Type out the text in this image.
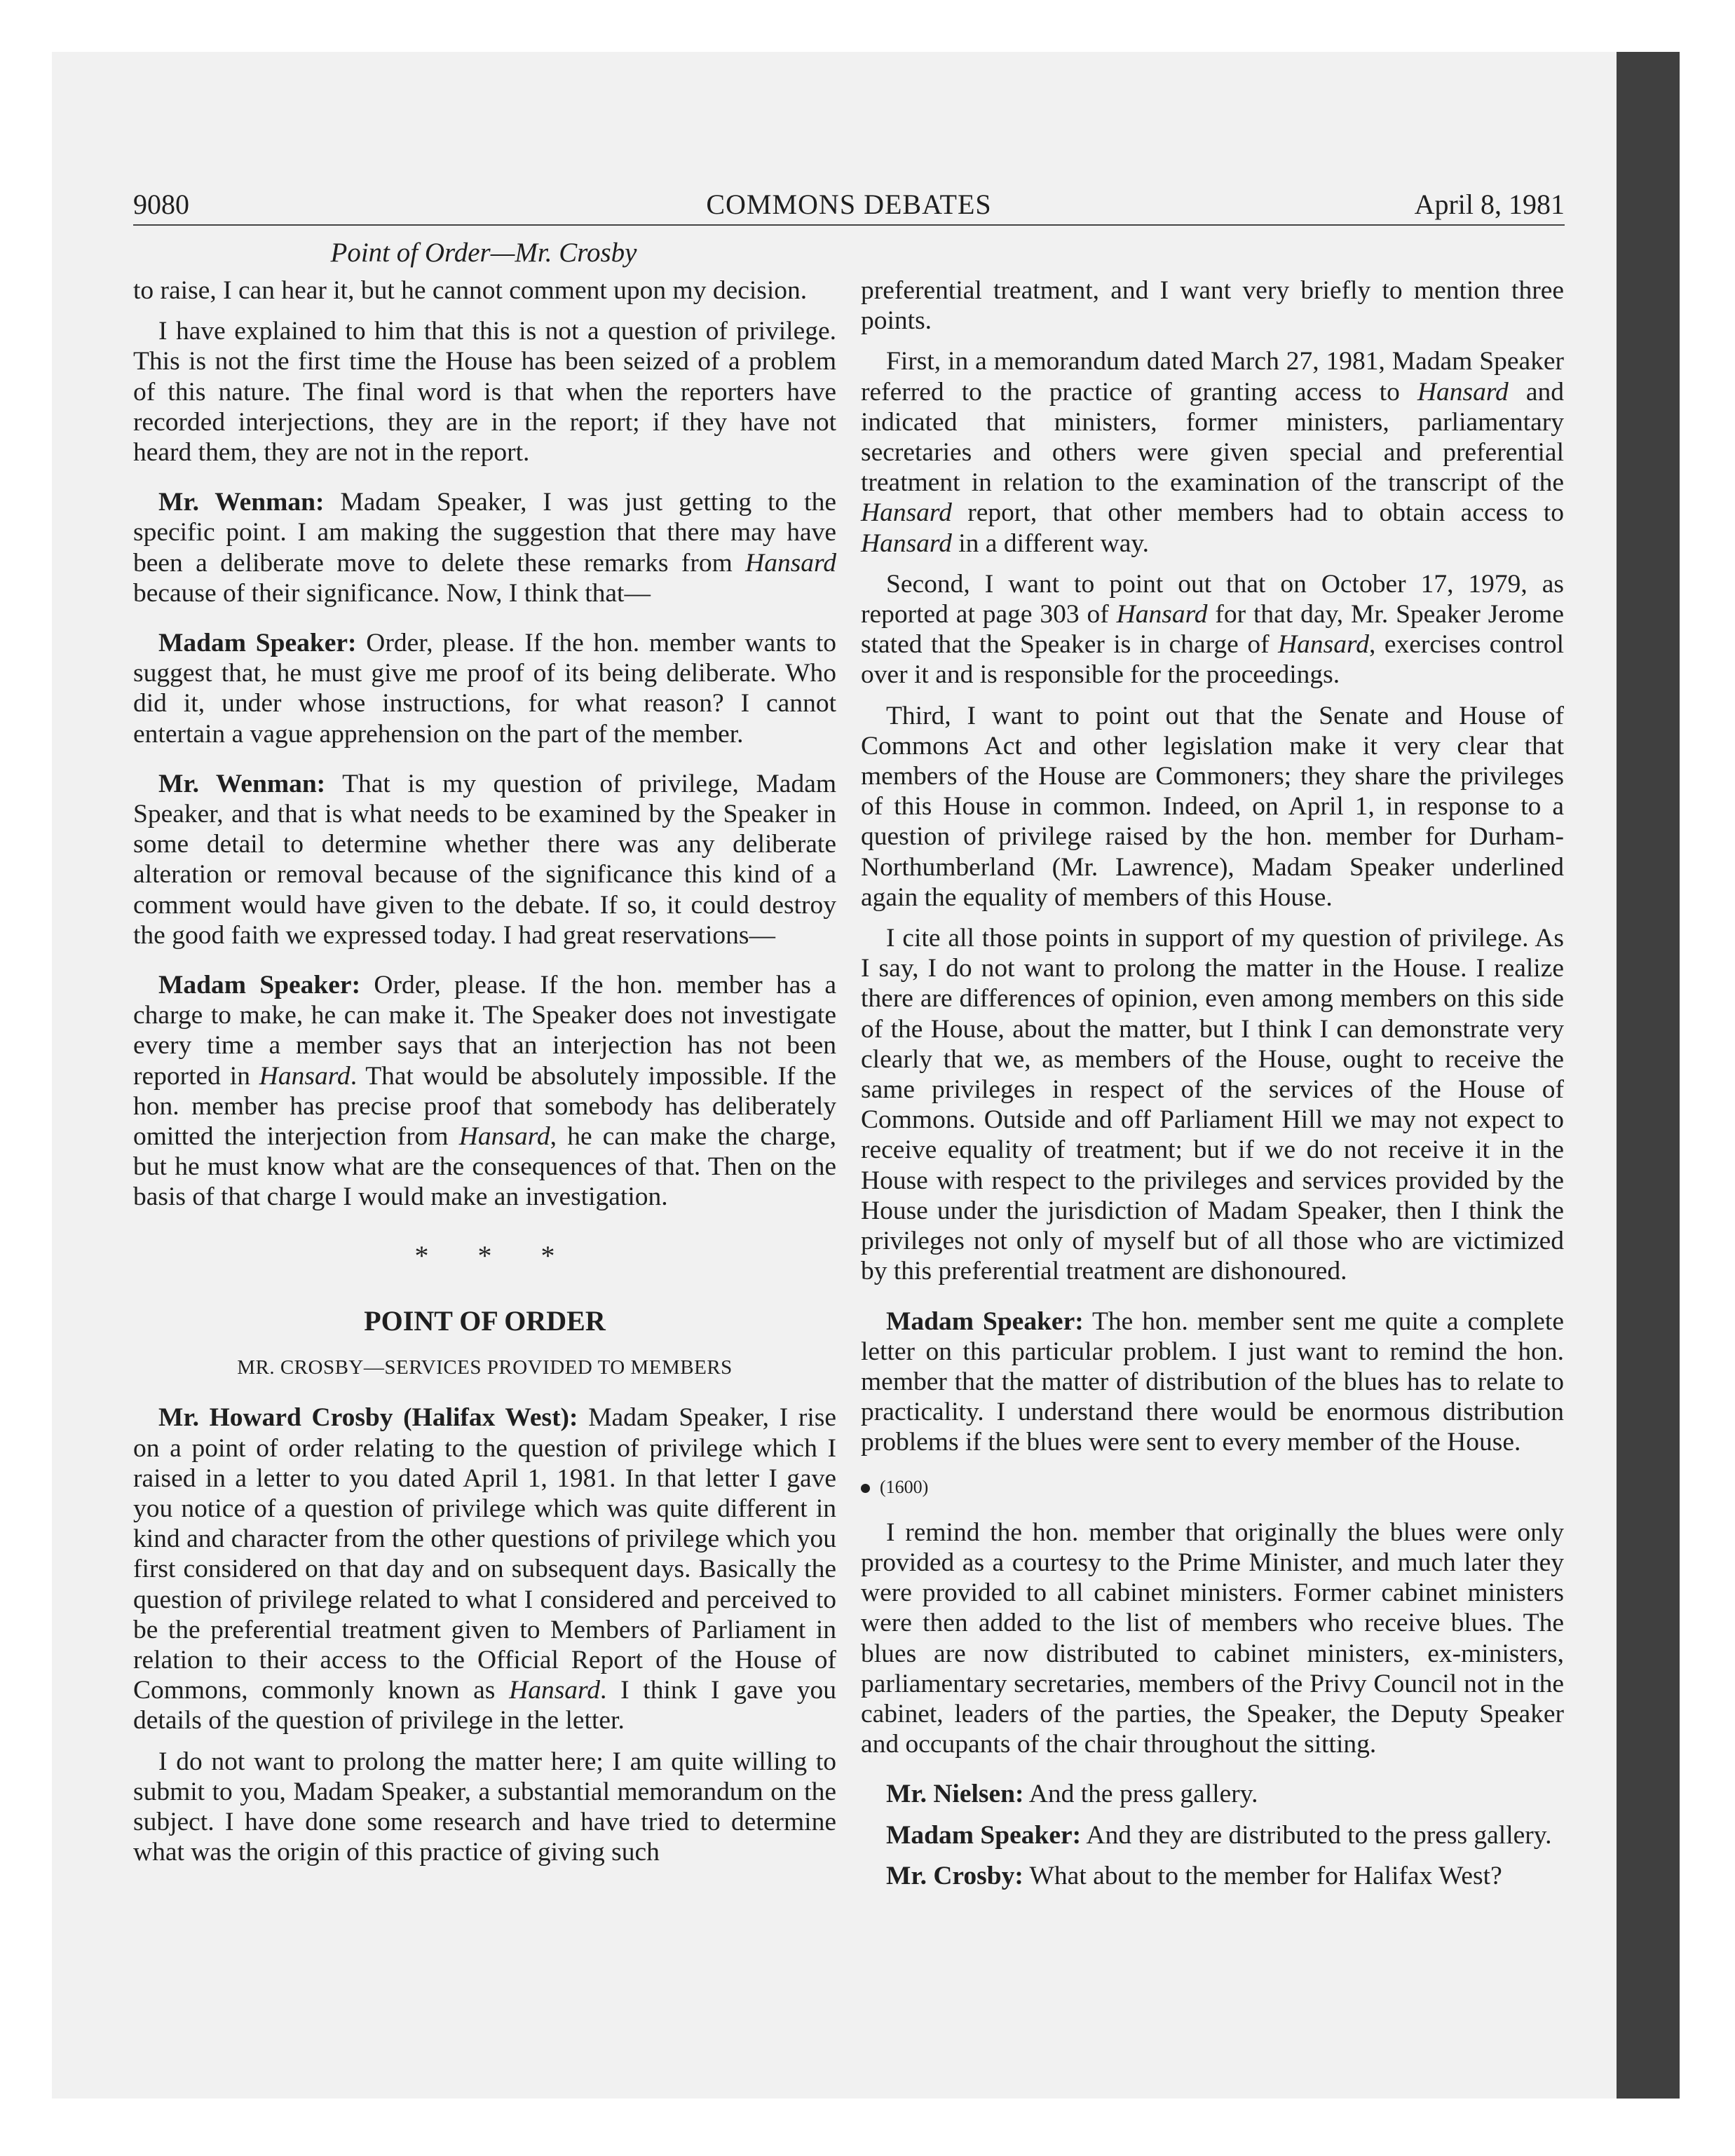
9080	COMMONS DEBATES	April 8, 1981
Point of Order—Mr. Crosby

to raise, I can hear it, but he cannot comment upon my decision.

I have explained to him that this is not a question of privilege. This is not the first time the House has been seized of a problem of this nature. The final word is that when the reporters have recorded interjections, they are in the report; if they have not heard them, they are not in the report.

Mr. Wenman: Madam Speaker, I was just getting to the specific point. I am making the suggestion that there may have been a deliberate move to delete these remarks from Hansard because of their significance. Now, I think that—

Madam Speaker: Order, please. If the hon. member wants to suggest that, he must give me proof of its being deliberate. Who did it, under whose instructions, for what reason? I cannot entertain a vague apprehension on the part of the member.

Mr. Wenman: That is my question of privilege, Madam Speaker, and that is what needs to be examined by the Speaker in some detail to determine whether there was any deliberate alteration or removal because of the significance this kind of a comment would have given to the debate. If so, it could destroy the good faith we expressed today. I had great reservations—

Madam Speaker: Order, please. If the hon. member has a charge to make, he can make it. The Speaker does not investigate every time a member says that an interjection has not been reported in Hansard. That would be absolutely impossible. If the hon. member has precise proof that somebody has deliberately omitted the interjection from Hansard, he can make the charge, but he must know what are the consequences of that. Then on the basis of that charge I would make an investigation.

* * *
POINT OF ORDER
MR. CROSBY—SERVICES PROVIDED TO MEMBERS

Mr. Howard Crosby (Halifax West): Madam Speaker, I rise on a point of order relating to the question of privilege which I raised in a letter to you dated April 1, 1981. In that letter I gave you notice of a question of privilege which was quite different in kind and character from the other questions of privilege which you first considered on that day and on subsequent days. Basically the question of privilege related to what I considered and perceived to be the preferential treatment given to Members of Parliament in relation to their access to the Official Report of the House of Commons, commonly known as Hansard. I think I gave you details of the question of privilege in the letter.

I do not want to prolong the matter here; I am quite willing to submit to you, Madam Speaker, a substantial memorandum on the subject. I have done some research and have tried to determine what was the origin of this practice of giving such

preferential treatment, and I want very briefly to mention three points.

First, in a memorandum dated March 27, 1981, Madam Speaker referred to the practice of granting access to Hansard and indicated that ministers, former ministers, parliamentary secretaries and others were given special and preferential treatment in relation to the examination of the transcript of the Hansard report, that other members had to obtain access to Hansard in a different way.

Second, I want to point out that on October 17, 1979, as reported at page 303 of Hansard for that day, Mr. Speaker Jerome stated that the Speaker is in charge of Hansard, exercises control over it and is responsible for the proceedings.

Third, I want to point out that the Senate and House of Commons Act and other legislation make it very clear that members of the House are Commoners; they share the privileges of this House in common. Indeed, on April 1, in response to a question of privilege raised by the hon. member for Durham-Northumberland (Mr. Lawrence), Madam Speaker underlined again the equality of members of this House.

I cite all those points in support of my question of privilege. As I say, I do not want to prolong the matter in the House. I realize there are differences of opinion, even among members on this side of the House, about the matter, but I think I can demonstrate very clearly that we, as members of the House, ought to receive the same privileges in respect of the services of the House of Commons. Outside and off Parliament Hill we may not expect to receive equality of treatment; but if we do not receive it in the House with respect to the privileges and services provided by the House under the jurisdiction of Madam Speaker, then I think the privileges not only of myself but of all those who are victimized by this preferential treatment are dishonoured.

Madam Speaker: The hon. member sent me quite a complete letter on this particular problem. I just want to remind the hon. member that the matter of distribution of the blues has to relate to practicality. I understand there would be enormous distribution problems if the blues were sent to every member of the House.

(1600)

I remind the hon. member that originally the blues were only provided as a courtesy to the Prime Minister, and much later they were provided to all cabinet ministers. Former cabinet ministers were then added to the list of members who receive blues. The blues are now distributed to cabinet ministers, ex-ministers, parliamentary secretaries, members of the Privy Council not in the cabinet, leaders of the parties, the Speaker, the Deputy Speaker and occupants of the chair throughout the sitting.

Mr. Nielsen: And the press gallery.

Madam Speaker: And they are distributed to the press gallery.

Mr. Crosby: What about to the member for Halifax West?
